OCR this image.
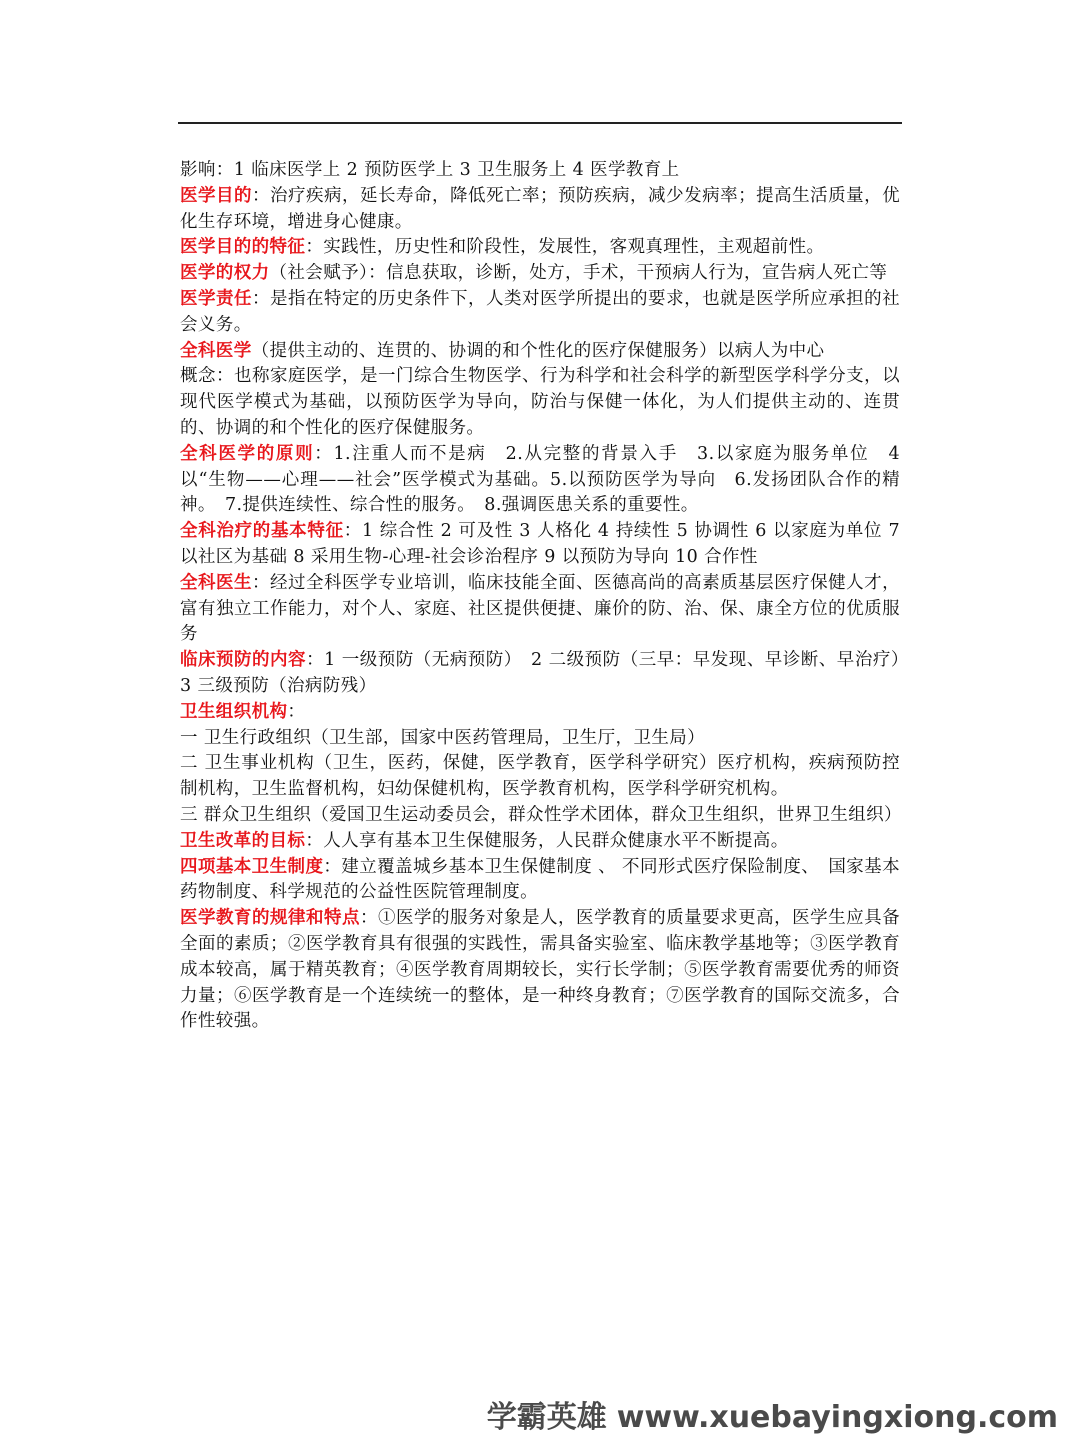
影响：1 临床医学上 2 预防医学上 3 卫生服务上 4 医学教育上

医学目的：治疗疾病，延长寿命，降低死亡率；预防疾病，减少发病率；提高生活质量，优化生存环境，增进身心健康。

医学目的的特征：实践性，历史性和阶段性，发展性，客观真理性，主观超前性。

医学的权力（社会赋予）：信息获取，诊断，处方，手术，干预病人行为，宣告病人死亡等

医学责任：是指在特定的历史条件下，人类对医学所提出的要求，也就是医学所应承担的社会义务。

全科医学（提供主动的、连贯的、协调的和个性化的医疗保健服务）以病人为中心

概念：也称家庭医学，是一门综合生物医学、行为科学和社会科学的新型医学科学分支，以现代医学模式为基础，以预防医学为导向，防治与保健一体化，为人们提供主动的、连贯的、协调的和个性化的医疗保健服务。

全科医学的原则：1.注重人而不是病　2.从完整的背景入手　3.以家庭为服务单位　4 以“生物——心理——社会”医学模式为基础。5.以预防医学为导向　6.发扬团队合作的精神。　7.提供连续性、综合性的服务。　8.强调医患关系的重要性。

全科治疗的基本特征：1 综合性 2 可及性 3 人格化 4 持续性 5 协调性 6 以家庭为单位 7 以社区为基础 8 采用生物-心理-社会诊治程序 9 以预防为导向 10 合作性

全科医生：经过全科医学专业培训，临床技能全面、医德高尚的高素质基层医疗保健人才，富有独立工作能力，对个人、家庭、社区提供便捷、廉价的防、治、保、康全方位的优质服务

临床预防的内容：1 一级预防（无病预防）　2 二级预防（三早：早发现、早诊断、早治疗）　3 三级预防（治病防残）

卫生组织机构：

一 卫生行政组织（卫生部，国家中医药管理局，卫生厅，卫生局）

二 卫生事业机构（卫生，医药，保健，医学教育，医学科学研究）医疗机构，疾病预防控制机构，卫生监督机构，妇幼保健机构，医学教育机构，医学科学研究机构。

三 群众卫生组织（爱国卫生运动委员会，群众性学术团体，群众卫生组织，世界卫生组织）

卫生改革的目标：人人享有基本卫生保健服务，人民群众健康水平不断提高。

四项基本卫生制度：建立覆盖城乡基本卫生保健制度 、 不同形式医疗保险制度、　国家基本药物制度、科学规范的公益性医院管理制度。

医学教育的规律和特点：①医学的服务对象是人，医学教育的质量要求更高，医学生应具备全面的素质；②医学教育具有很强的实践性，需具备实验室、临床教学基地等；③医学教育成本较高，属于精英教育；④医学教育周期较长，实行长学制；⑤医学教育需要优秀的师资力量；⑥医学教育是一个连续统一的整体，是一种终身教育；⑦医学教育的国际交流多，合作性较强。

学霸英雄 www.xuebayingxiong.com
